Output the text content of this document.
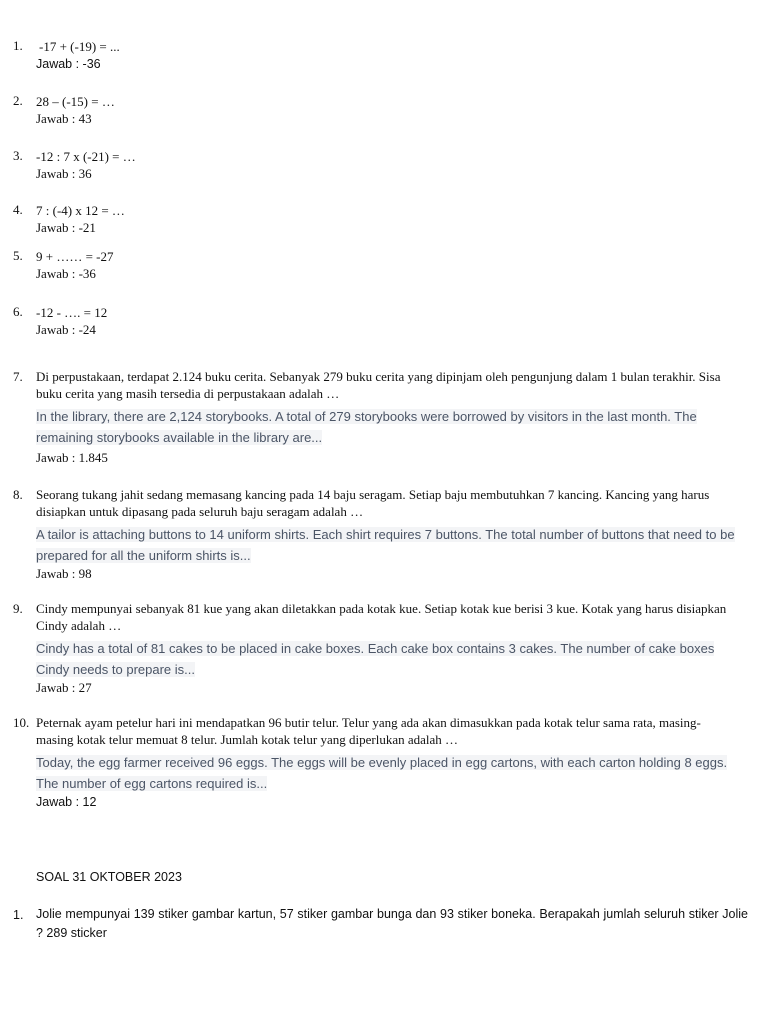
1. -17 + (-19) = ...
Jawab : -36
2. 28 – (-15) = …
Jawab : 43
3. -12 : 7 x (-21) = …
Jawab : 36
4. 7 : (-4) x 12 = …
Jawab : -21
5. 9 + …… = -27
Jawab : -36
6. -12 - …. = 12
Jawab : -24
7. Di perpustakaan, terdapat 2.124 buku cerita. Sebanyak 279 buku cerita yang dipinjam oleh pengunjung dalam 1 bulan terakhir. Sisa buku cerita yang masih tersedia di perpustakaan adalah …
In the library, there are 2,124 storybooks. A total of 279 storybooks were borrowed by visitors in the last month. The remaining storybooks available in the library are...
Jawab : 1.845
8. Seorang tukang jahit sedang memasang kancing pada 14 baju seragam. Setiap baju membutuhkan 7 kancing. Kancing yang harus disiapkan untuk dipasang pada seluruh baju seragam adalah …
A tailor is attaching buttons to 14 uniform shirts. Each shirt requires 7 buttons. The total number of buttons that need to be prepared for all the uniform shirts is...
Jawab : 98
9. Cindy mempunyai sebanyak 81 kue yang akan diletakkan pada kotak kue. Setiap kotak kue berisi 3 kue. Kotak yang harus disiapkan Cindy adalah …
Cindy has a total of 81 cakes to be placed in cake boxes. Each cake box contains 3 cakes. The number of cake boxes Cindy needs to prepare is...
Jawab : 27
10. Peternak ayam petelur hari ini mendapatkan 96 butir telur. Telur yang ada akan dimasukkan pada kotak telur sama rata, masing-masing kotak telur memuat 8 telur. Jumlah kotak telur yang diperlukan adalah …
Today, the egg farmer received 96 eggs. The eggs will be evenly placed in egg cartons, with each carton holding 8 eggs. The number of egg cartons required is...
Jawab : 12
SOAL 31 OKTOBER 2023
1. Jolie mempunyai 139 stiker gambar kartun, 57 stiker gambar bunga dan 93 stiker boneka. Berapakah jumlah seluruh stiker Jolie ? 289 sticker
